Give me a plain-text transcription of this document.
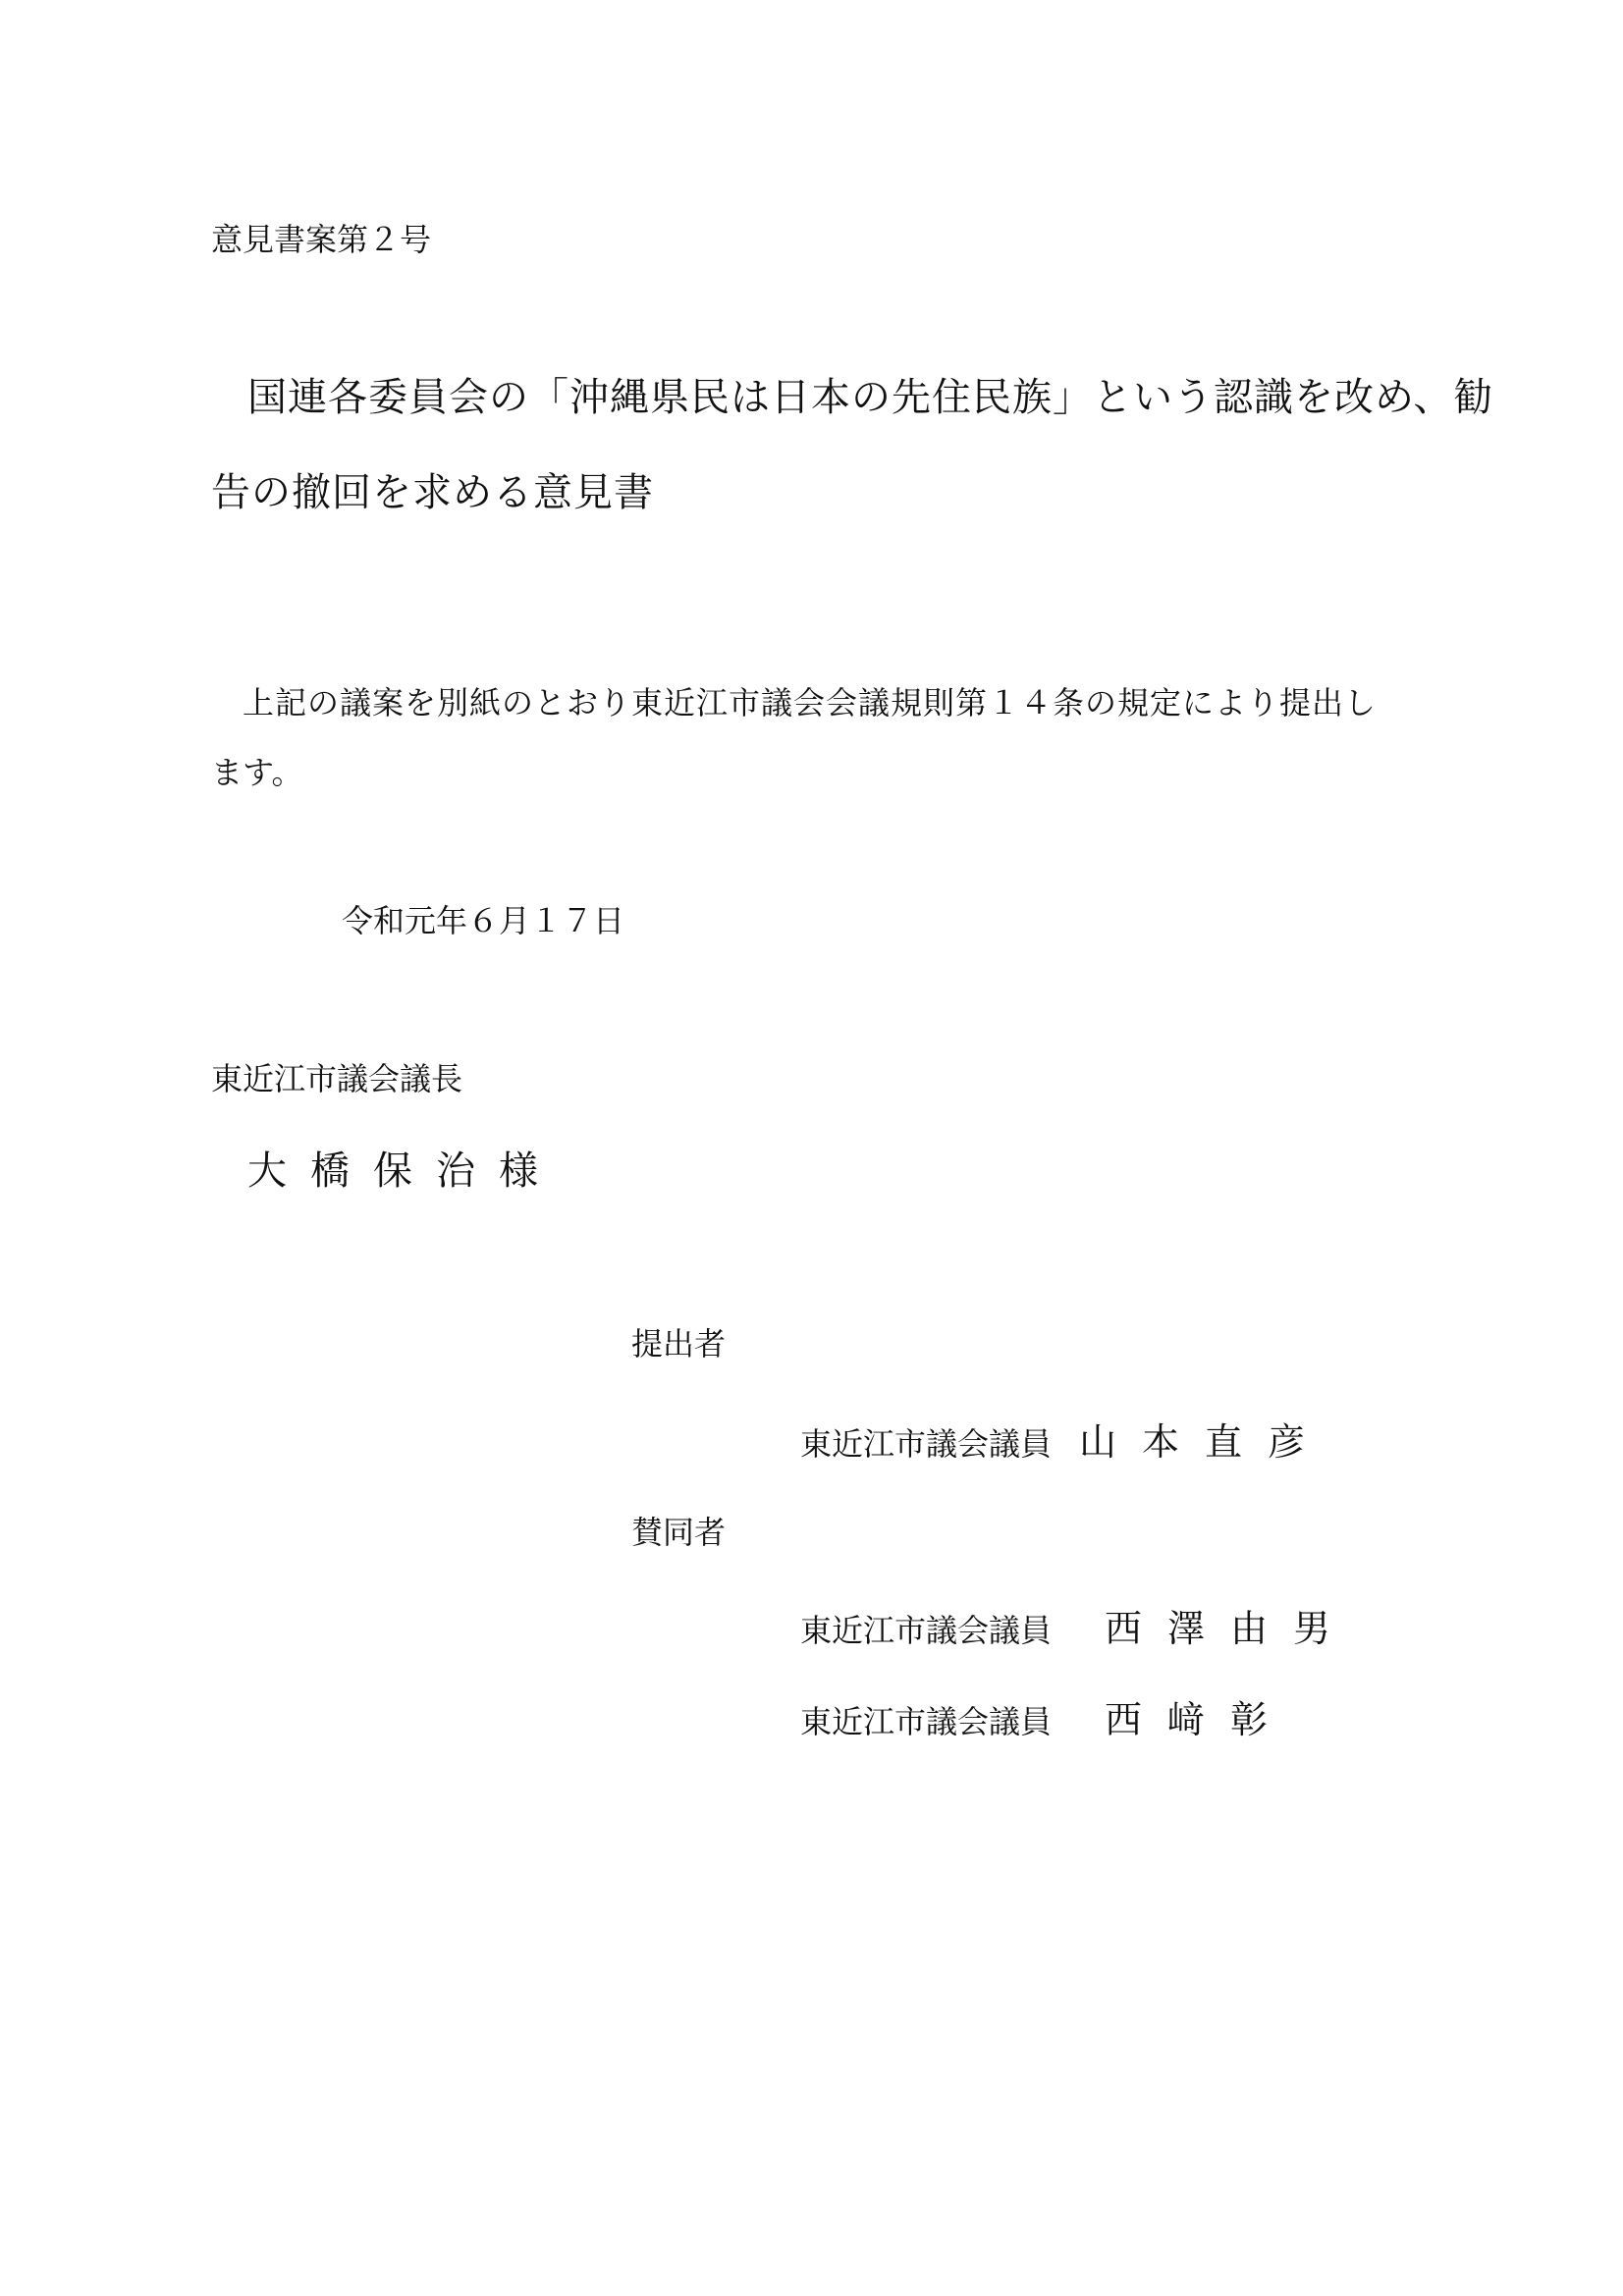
意見書案第２号
国連各委員会の「沖縄県民は日本の先住民族」という認識を改め、勧
告の撤回を求める意見書
上記の議案を別紙のとおり東近江市議会会議規則第１４条の規定により提出し
ます。
令和元年６月１７日
東近江市議会議長
大橋保治様
提出者
東近江市議会議員 山本直彦
賛同者
東近江市議会議員 西澤由男
東近江市議会議員 西﨑彰
